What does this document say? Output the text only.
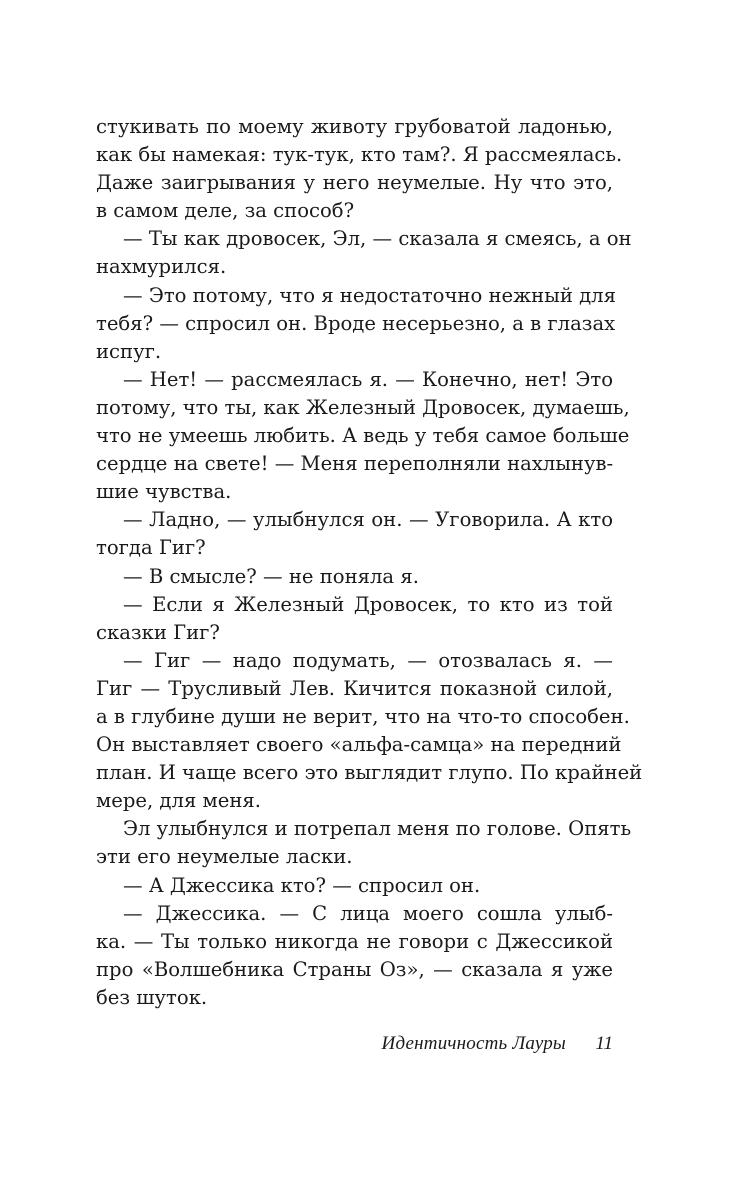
стукивать по моему животу грубоватой ладонью,
как бы намекая: тук-тук, кто там?. Я рассмеялась.
Даже заигрывания у него неумелые. Ну что это,
в самом деле, за способ?
— Ты как дровосек, Эл, — сказала я смеясь, а он
нахмурился.
— Это потому, что я недостаточно нежный для
тебя? — спросил он. Вроде несерьезно, а в глазах
испуг.
— Нет! — рассмеялась я. — Конечно, нет! Это
потому, что ты, как Железный Дровосек, думаешь,
что не умеешь любить. А ведь у тебя самое больше
сердце на свете! — Меня переполняли нахлынув-
шие чувства.
— Ладно, — улыбнулся он. — Уговорила. А кто
тогда Гиг?
— В смысле? — не поняла я.
— Если я Железный Дровосек, то кто из той
сказки Гиг?
— Гиг — надо подумать, — отозвалась я. —
Гиг — Трусливый Лев. Кичится показной силой,
а в глубине души не верит, что на что-то способен.
Он выставляет своего «альфа-самца» на передний
план. И чаще всего это выглядит глупо. По крайней
мере, для меня.
Эл улыбнулся и потрепал меня по голове. Опять
эти его неумелые ласки.
— А Джессика кто? — спросил он.
— Джессика. — С лица моего сошла улыб-
ка. — Ты только никогда не говори с Джессикой
про «Волшебника Страны Оз», — сказала я уже
без шуток.
Идентичность Лауры 11
